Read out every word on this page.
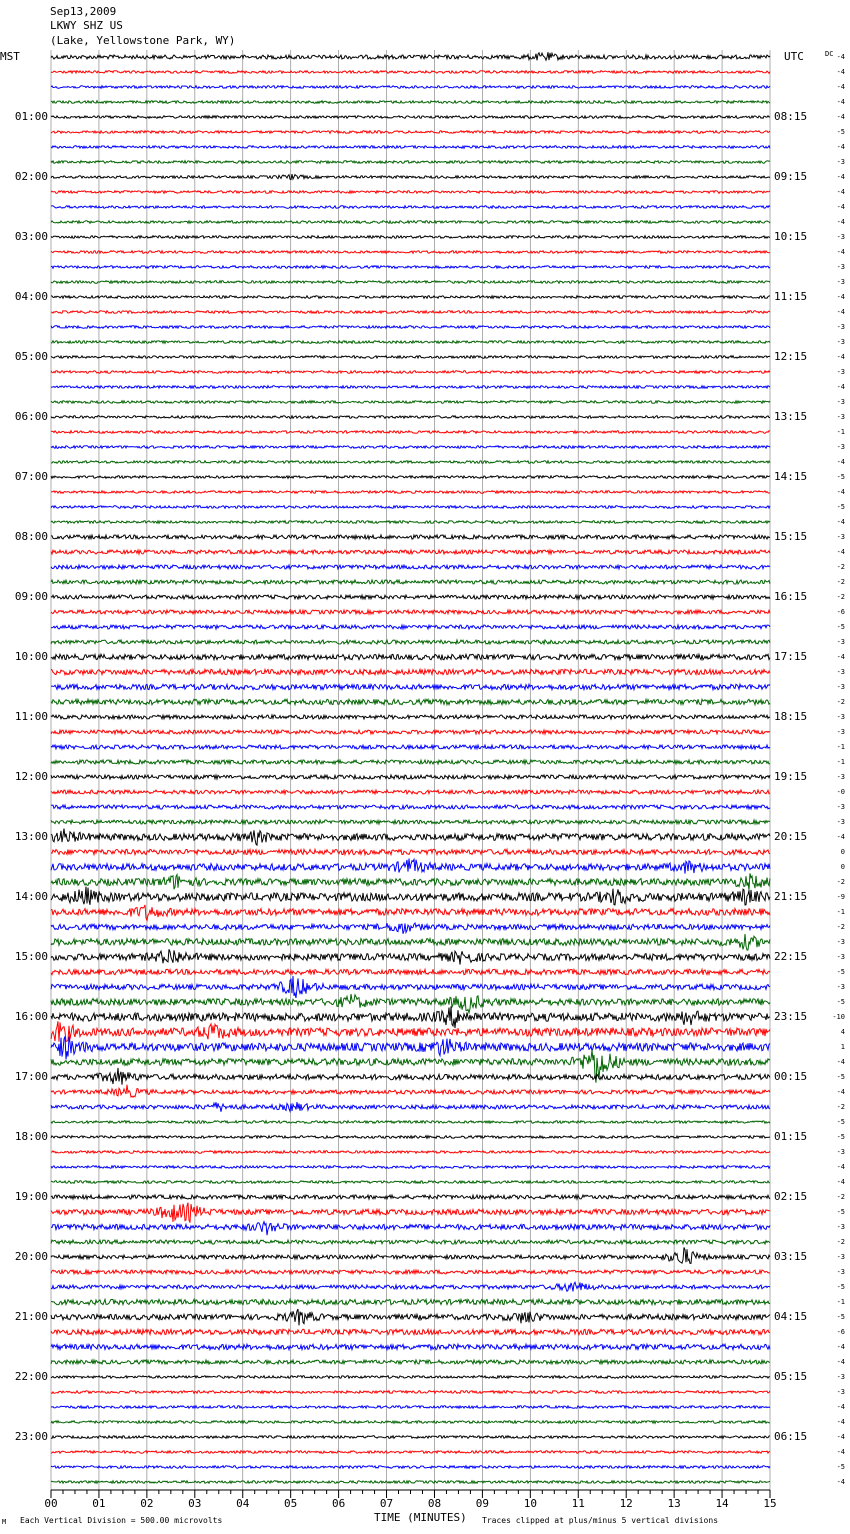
Sep13,2009
LKWY SHZ US
(Lake, Yellowstone Park, WY)
MST	UTC	DC
00	01	02	03	04	05	06	07	08	09	10	11	12	13	14	15
01:00
02:00
03:00
04:00
05:00
06:00
07:00
08:00
09:00
10:00
11:00
12:00
13:00
14:00
15:00
16:00
17:00
18:00
19:00
20:00
21:00
22:00
23:00
08:15
09:15
10:15
11:15
12:15
13:15
14:15
15:15
16:15
17:15
18:15
19:15
20:15
21:15
22:15
23:15
00:15
01:15
02:15
03:15
04:15
05:15
06:15
-4
-4
-4
-4
-4
-5
-4
-3
-4
-4
-4
-4
-3
-4
-3
-3
-4
-4
-3
-3
-4
-3
-4
-3
-3
-1
-3
-4
-5
-4
-5
-4
-3
-4
-2
-2
-2
-6
-5
-3
-4
-3
-3
-2
-3
-3
-1
-1
-3
-0
-3
-3
-4
0
0
-2
-9
-1
-2
-3
-3
-5
-3
-5
-10
4
1
-4
-5
-4
-2
-5
-5
-3
-4
-4
-2
-5
-3
-2
-3
-3
-5
-1
-5
-6
-4
-4
-3
-3
-4
-4
-4
-4
-5
-4
M Each Vertical Division = 500.00 microvolts	TIME (MINUTES) Traces clipped at plus/minus 5 vertical divisions
